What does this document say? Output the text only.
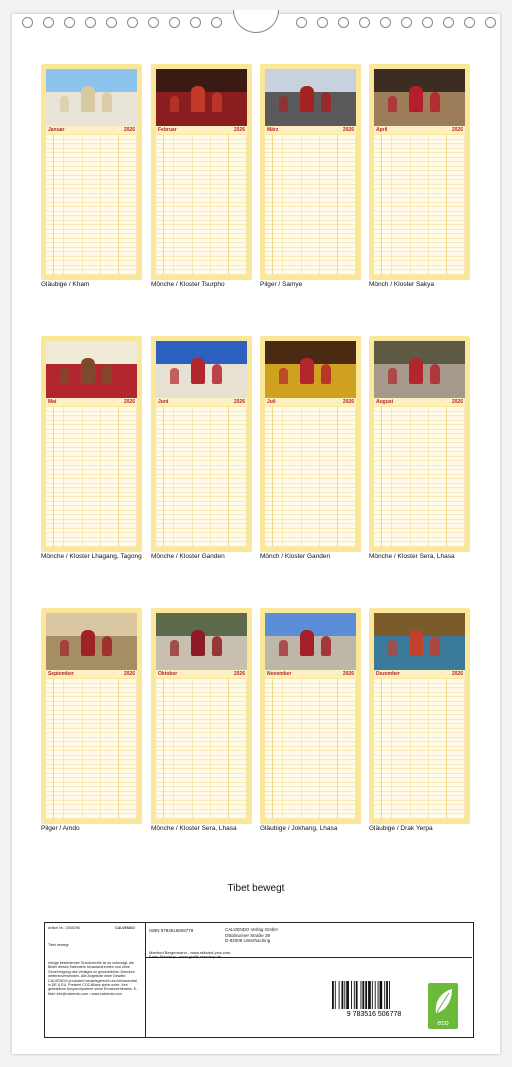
Januar	2026
Gläubige / Kham
Februar	2026
Mönche / Kloster Tsurpho
März	2026
Pilger / Samye
April	2026
Mönch / Kloster Sakya
Mai	2026
Mönche / Kloster Lhagang, Tagong
Juni	2026
Mönche / Kloster Ganden
Juli	2026
Mönch / Kloster Ganden
August	2026
Mönche / Kloster Sera, Lhasa
September	2026
Pilger / Amdo
Oktober	2026
Mönche / Kloster Sera, Lhasa
November	2026
Gläubige / Jokhang, Lhasa
Dezember	2026
Gläubige / Drak Yerpa
Tibet bewegt
Artikel Nr.: 2065298
Tibet bewegt
CALVENDO
Infolge bestehender Schutzrechte ist es untersagt, die Bilder dieses Kalenders herauszutrennen und ohne Genehmigung des Verlages zu gewerblichen Zwecken weiterzuverwenden. Alle Angebote ohne Gewähr. CALVENDO produziert bedarfsgerecht und klimaneutral in DE & EU. Preisfrei CO2-Bilanz siehe unter: Ihre gesetzliche Ansprechpartner siehe Ermahnerhinweis. E-Mail: info@calvendo.com • www.calvendo.com
ISBN 9783516506778	CALVENDO Verlag GmbH
Ottobrunner Straße 39
D-82008 Unterhaching
Manfred Bergermann - www.stiksied-pics.com
Karin Standrup - www.grafik-standrup.de
9 783516 506778
eco
